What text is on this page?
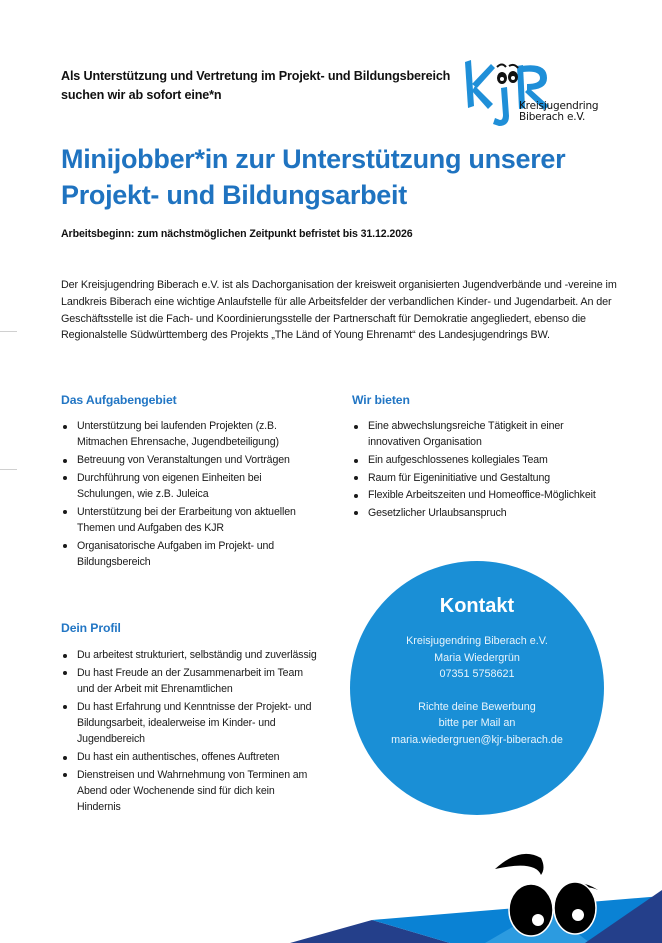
Als Unterstützung und Vertretung im Projekt- und Bildungsbereich
suchen wir ab sofort eine*n
Kreisjugendring
Biberach e.V.
Minijobber*in zur Unterstützung unserer
Projekt- und Bildungsarbeit
Arbeitsbeginn: zum nächstmöglichen Zeitpunkt befristet bis 31.12.2026

Der Kreisjugendring Biberach e.V. ist als Dachorganisation der kreisweit organisierten Jugendverbände und -vereine im Landkreis Biberach eine wichtige Anlaufstelle für alle Arbeitsfelder der verbandlichen Kinder- und Jugendarbeit. An der Geschäftsstelle ist die Fach- und Koordinierungsstelle der Partnerschaft für Demokratie angegliedert, ebenso die Regionalstelle Südwürttemberg des Projekts „The Länd of Young Ehrenamt“ des Landesjugendrings BW.

Das Aufgabengebiet
Unterstützung bei laufenden Projekten (z.B. Mitmachen Ehrensache, Jugendbeteiligung)
Betreuung von Veranstaltungen und Vorträgen
Durchführung von eigenen Einheiten bei Schulungen, wie z.B. Juleica
Unterstützung bei der Erarbeitung von aktuellen Themen und Aufgaben des KJR
Organisatorische Aufgaben im Projekt- und Bildungsbereich
Wir bieten
Eine abwechslungsreiche Tätigkeit in einer innovativen Organisation
Ein aufgeschlossenes kollegiales Team
Raum für Eigeninitiative und Gestaltung
Flexible Arbeitszeiten und Homeoffice-Möglichkeit
Gesetzlicher Urlaubsanspruch
Dein Profil
Du arbeitest strukturiert, selbständig und zuverlässig
Du hast Freude an der Zusammenarbeit im Team und der Arbeit mit Ehrenamtlichen
Du hast Erfahrung und Kenntnisse der Projekt- und Bildungsarbeit, idealerweise im Kinder- und Jugendbereich
Du hast ein authentisches, offenes Auftreten
Dienstreisen und Wahrnehmung von Terminen am Abend oder Wochenende sind für dich kein Hindernis
Kontakt
Kreisjugendring Biberach e.V.
Maria Wiedergrün
07351 5758621
Richte deine Bewerbung
bitte per Mail an
maria.wiedergruen@kjr-biberach.de
